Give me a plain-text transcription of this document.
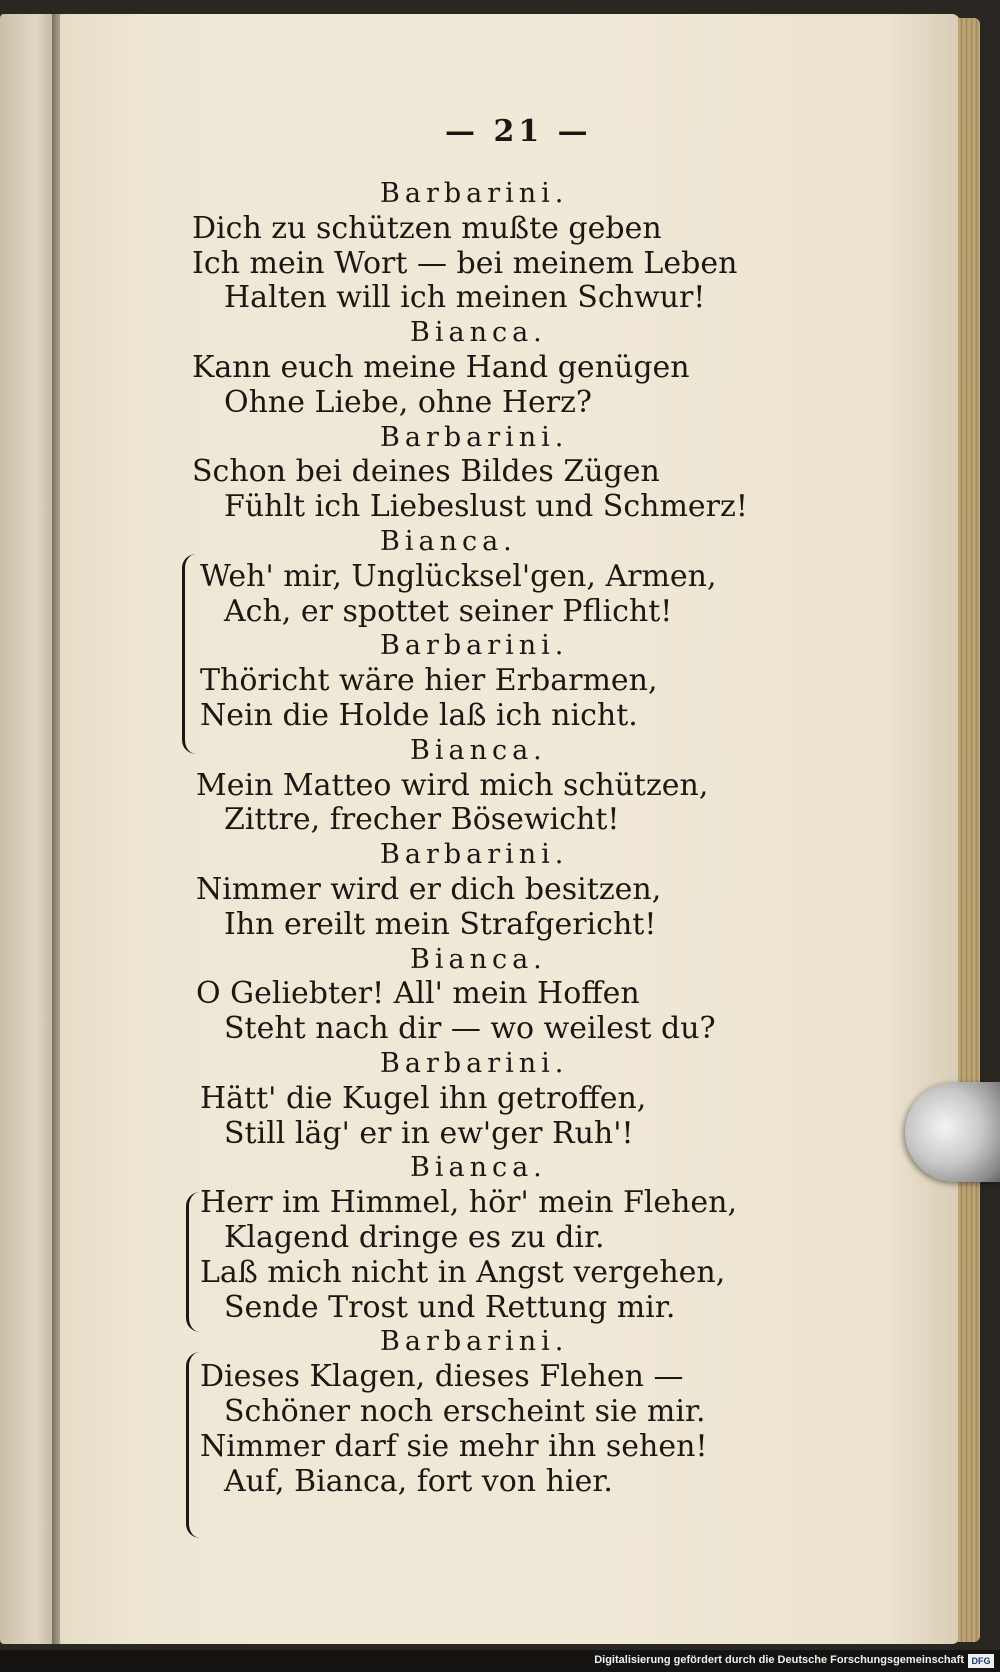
— 21 —
Barbarini.
Dich zu schützen mußte geben
Ich mein Wort — bei meinem Leben
Halten will ich meinen Schwur!
Bianca.
Kann euch meine Hand genügen
Ohne Liebe, ohne Herz?
Barbarini.
Schon bei deines Bildes Zügen
Fühlt ich Liebeslust und Schmerz!
Bianca.
Weh' mir, Unglücksel'gen, Armen,
Ach, er spottet seiner Pflicht!
Barbarini.
Thöricht wäre hier Erbarmen,
Nein die Holde laß ich nicht.
Bianca.
Mein Matteo wird mich schützen,
Zittre, frecher Bösewicht!
Barbarini.
Nimmer wird er dich besitzen,
Ihn ereilt mein Strafgericht!
Bianca.
O Geliebter! All' mein Hoffen
Steht nach dir — wo weilest du?
Barbarini.
Hätt' die Kugel ihn getroffen,
Still läg' er in ew'ger Ruh'!
Bianca.
Herr im Himmel, hör' mein Flehen,
Klagend dringe es zu dir.
Laß mich nicht in Angst vergehen,
Sende Trost und Rettung mir.
Barbarini.
Dieses Klagen, dieses Flehen —
Schöner noch erscheint sie mir.
Nimmer darf sie mehr ihn sehen!
Auf, Bianca, fort von hier.
Digitalisierung gefördert durch die Deutsche Forschungsgemeinschaft DFG
